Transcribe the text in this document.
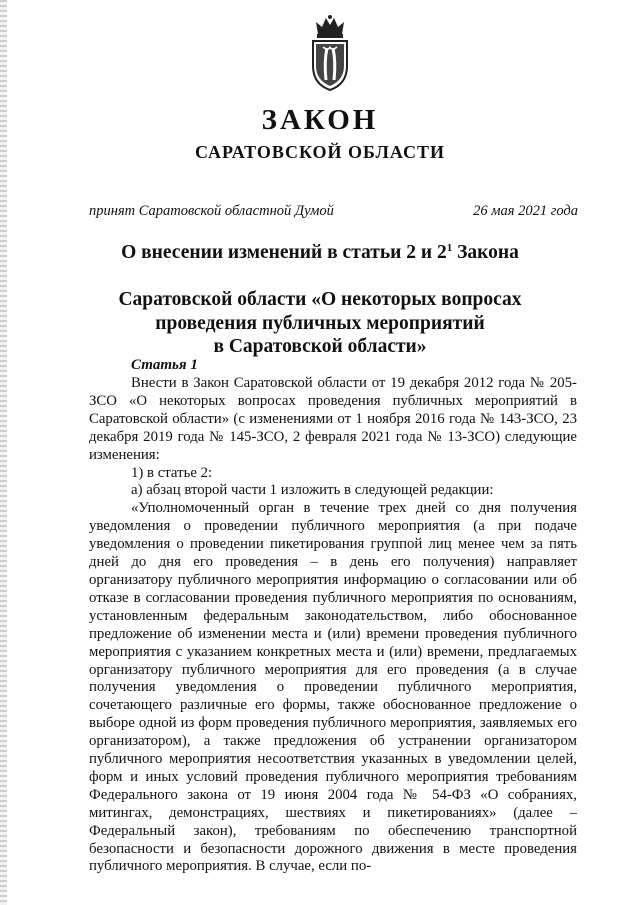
ЗАКОН
САРАТОВСКОЙ ОБЛАСТИ
принят Саратовской областной Думой	26 мая 2021 года
О внесении изменений в статьи 2 и $2^1$ Закона

Саратовской области «О некоторых вопросах
проведения публичных мероприятий
в Саратовской области»
Статья 1

Внести в Закон Саратовской области от 19 декабря 2012 года № 205-ЗСО «О некоторых вопросах проведения публичных мероприятий в Саратовской области» (с изменениями от 1 ноября 2016 года № 143-ЗСО, 23 декабря 2019 года № 145-ЗСО, 2 февраля 2021 года № 13-ЗСО) следующие изменения:

1) в статье 2:

а) абзац второй части 1 изложить в следующей редакции:

«Уполномоченный орган в течение трех дней со дня получения уведомления о проведении публичного мероприятия (а при подаче уведомления о проведении пикетирования группой лиц менее чем за пять дней до дня его проведения – в день его получения) направляет организатору публичного мероприятия информацию о согласовании или об отказе в согласовании проведения публичного мероприятия по основаниям, установленным федеральным законодательством, либо обоснованное предложение об изменении места и (или) времени проведения публичного мероприятия с указанием конкретных места и (или) времени, предлагаемых организатору публичного мероприятия для его проведения (а в случае получения уведомления о проведении публичного мероприятия, сочетающего различные его формы, также обоснованное предложение о выборе одной из форм проведения публичного мероприятия, заявляемых его организатором), а также предложения об устранении организатором публичного мероприятия несоответствия указанных в уведомлении целей, форм и иных условий проведения публичного мероприятия требованиям Федерального закона от 19 июня 2004 года № 54-ФЗ «О собраниях, митингах, демонстрациях, шествиях и пикетированиях» (далее – Федеральный закон), требованиям по обеспечению транспортной безопасности и безопасности дорожного движения в месте проведения публичного мероприятия. В случае, если по-
